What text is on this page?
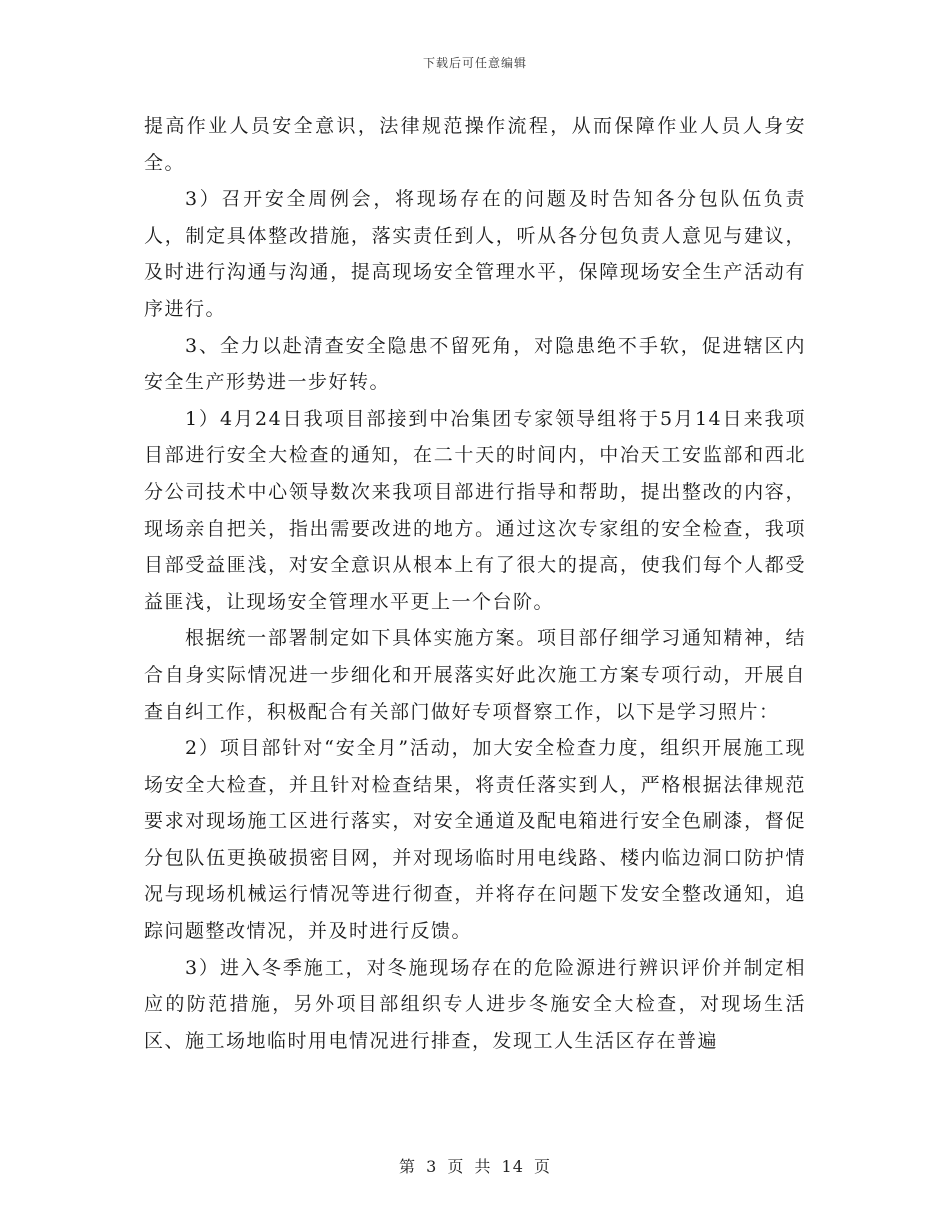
下载后可任意编辑

提高作业人员安全意识，法律规范操作流程，从而保障作业人员人身安全。

3）召开安全周例会，将现场存在的问题及时告知各分包队伍负责人，制定具体整改措施，落实责任到人，听从各分包负责人意见与建议，及时进行沟通与沟通，提高现场安全管理水平，保障现场安全生产活动有序进行。

3、全力以赴清查安全隐患不留死角，对隐患绝不手软，促进辖区内安全生产形势进一步好转。

1）4月24日我项目部接到中冶集团专家领导组将于5月14日来我项目部进行安全大检查的通知，在二十天的时间内，中冶天工安监部和西北分公司技术中心领导数次来我项目部进行指导和帮助，提出整改的内容，现场亲自把关，指出需要改进的地方。通过这次专家组的安全检查，我项目部受益匪浅，对安全意识从根本上有了很大的提高，使我们每个人都受益匪浅，让现场安全管理水平更上一个台阶。

根据统一部署制定如下具体实施方案。项目部仔细学习通知精神，结合自身实际情况进一步细化和开展落实好此次施工方案专项行动，开展自查自纠工作，积极配合有关部门做好专项督察工作，以下是学习照片：

2）项目部针对“安全月”活动，加大安全检查力度，组织开展施工现场安全大检查，并且针对检查结果，将责任落实到人，严格根据法律规范要求对现场施工区进行落实，对安全通道及配电箱进行安全色刷漆，督促分包队伍更换破损密目网，并对现场临时用电线路、楼内临边洞口防护情况与现场机械运行情况等进行彻查，并将存在问题下发安全整改通知，追踪问题整改情况，并及时进行反馈。

3）进入冬季施工，对冬施现场存在的危险源进行辨识评价并制定相应的防范措施，另外项目部组织专人进步冬施安全大检查，对现场生活区、施工场地临时用电情况进行排查，发现工人生活区存在普遍

第 3 页 共 14 页
